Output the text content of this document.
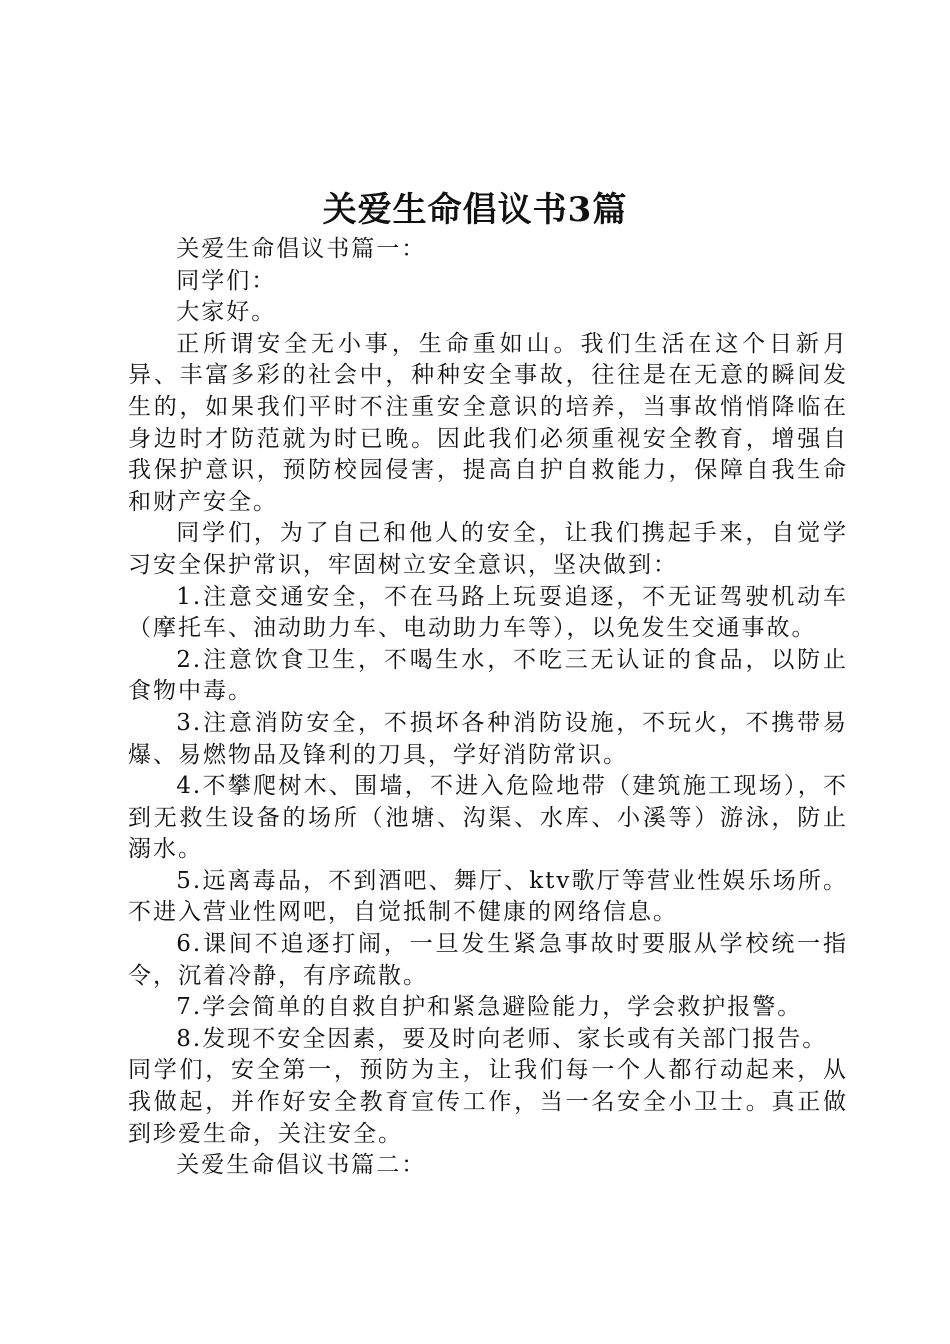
关爱生命倡议书3篇

关爱生命倡议书篇一：

同学们：

大家好。

正所谓安全无小事，生命重如山。我们生活在这个日新月异、丰富多彩的社会中，种种安全事故，往往是在无意的瞬间发生的，如果我们平时不注重安全意识的培养，当事故悄悄降临在身边时才防范就为时已晚。因此我们必须重视安全教育，增强自我保护意识，预防校园侵害，提高自护自救能力，保障自我生命和财产安全。

同学们，为了自己和他人的安全，让我们携起手来，自觉学习安全保护常识，牢固树立安全意识，坚决做到：

1.注意交通安全，不在马路上玩耍追逐，不无证驾驶机动车（摩托车、油动助力车、电动助力车等），以免发生交通事故。

2.注意饮食卫生，不喝生水，不吃三无认证的食品，以防止食物中毒。

3.注意消防安全，不损坏各种消防设施，不玩火，不携带易爆、易燃物品及锋利的刀具，学好消防常识。

4.不攀爬树木、围墙，不进入危险地带（建筑施工现场），不到无救生设备的场所（池塘、沟渠、水库、小溪等）游泳，防止溺水。

5.远离毒品，不到酒吧、舞厅、ktv歌厅等营业性娱乐场所。不进入营业性网吧，自觉抵制不健康的网络信息。

6.课间不追逐打闹，一旦发生紧急事故时要服从学校统一指令，沉着冷静，有序疏散。

7.学会简单的自救自护和紧急避险能力，学会救护报警。

8.发现不安全因素，要及时向老师、家长或有关部门报告。

同学们，安全第一，预防为主，让我们每一个人都行动起来，从我做起，并作好安全教育宣传工作，当一名安全小卫士。真正做到珍爱生命，关注安全。

关爱生命倡议书篇二：
